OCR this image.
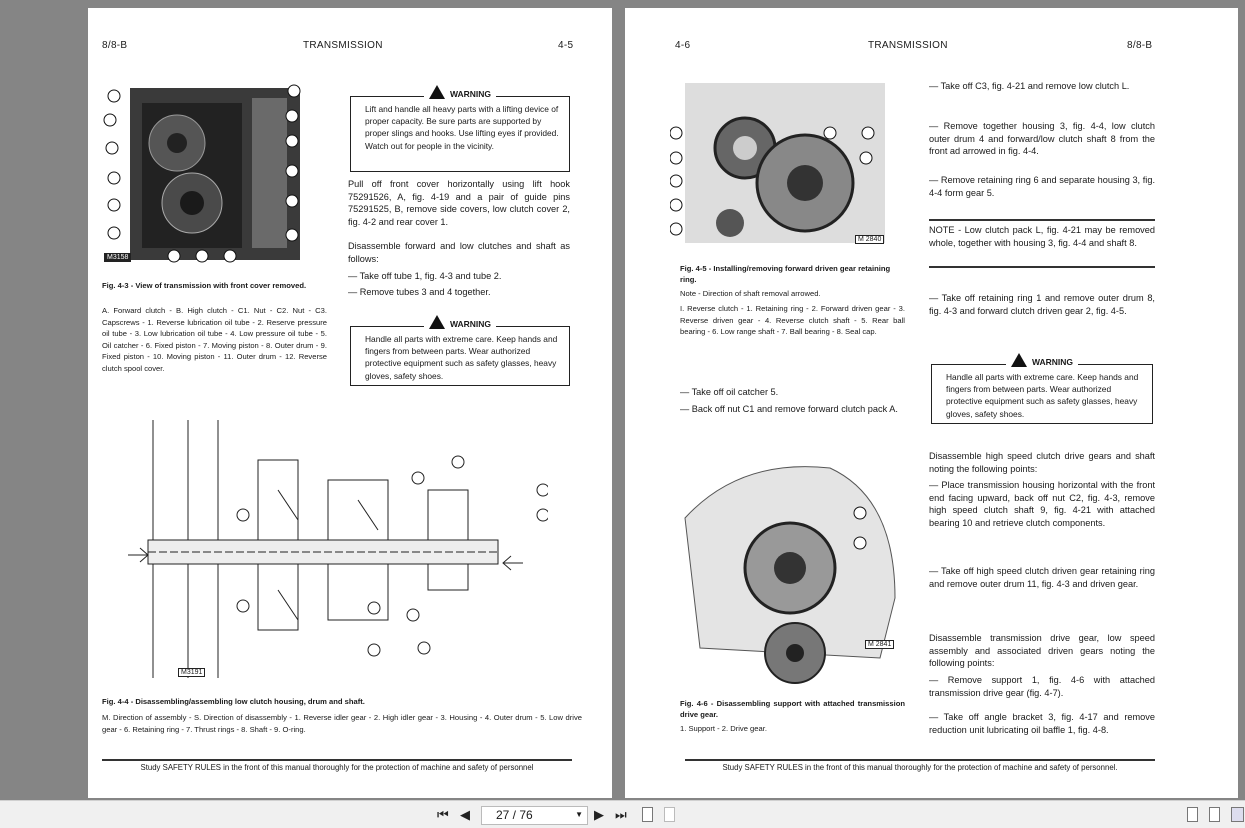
8/8-B	TRANSMISSION	4-5
M3158
Fig. 4-3 - View of transmission with front cover removed.
A. Forward clutch - B. High clutch - C1. Nut - C2. Nut - C3. Capscrews - 1. Reverse lubrication oil tube - 2. Reserve pressure oil tube - 3. Low lubrication oil tube - 4. Low pressure oil tube - 5. Oil catcher - 6. Fixed piston - 7. Moving piston - 8. Outer drum - 9. Fixed piston - 10. Moving piston - 11. Outer drum - 12. Reverse clutch spool cover.
WARNING
Lift and handle all heavy parts with a lifting device of proper capacity. Be sure parts are supported by proper slings and hooks. Use lifting eyes if provided. Watch out for people in the vicinity.
Pull off front cover horizontally using lift hook 75291526, A, fig. 4-19 and a pair of guide pins 75291525, B, remove side covers, low clutch cover 2, fig. 4-2 and rear cover 1.
Disassemble forward and low clutches and shaft as follows:
— Take off tube 1, fig. 4-3 and tube 2.
— Remove tubes 3 and 4 together.
WARNING
Handle all parts with extreme care. Keep hands and fingers from between parts. Wear authorized protective equipment such as safety glasses, heavy gloves, safety shoes.
M3191
Fig. 4-4 - Disassembling/assembling low clutch housing, drum and shaft.
M. Direction of assembly - S. Direction of disassembly - 1. Reverse idler gear - 2. High idler gear - 3. Housing - 4. Outer drum - 5. Low drive gear - 6. Retaining ring - 7. Thrust rings - 8. Shaft - 9. O-ring.
Study SAFETY RULES in the front of this manual thoroughly for the protection of machine and safety of personnel
4-6	TRANSMISSION	8/8-B
M 2840
Fig. 4-5 - Installing/removing forward driven gear retaining ring.
Note - Direction of shaft removal arrowed.
I. Reverse clutch - 1. Retaining ring - 2. Forward driven gear - 3. Reverse driven gear - 4. Reverse clutch shaft - 5. Rear ball bearing - 6. Low range shaft - 7. Ball bearing - 8. Seal cap.
— Take off oil catcher 5.
— Back off nut C1 and remove forward clutch pack A.
M 2841
Fig. 4-6 - Disassembling support with attached transmission drive gear.
1. Support - 2. Drive gear.
— Take off C3, fig. 4-21 and remove low clutch L.
— Remove together housing 3, fig. 4-4, low clutch outer drum 4 and forward/low clutch shaft 8 from the front ad arrowed in fig. 4-4.
— Remove retaining ring 6 and separate housing 3, fig. 4-4 form gear 5.
NOTE - Low clutch pack L, fig. 4-21 may be removed whole, together with housing 3, fig. 4-4 and shaft 8.
— Take off retaining ring 1 and remove outer drum 8, fig. 4-3 and forward clutch driven gear 2, fig. 4-5.
WARNING
Handle all parts with extreme care. Keep hands and fingers from between parts. Wear authorized protective equipment such as safety glasses, heavy gloves, safety shoes.
Disassemble high speed clutch drive gears and shaft noting the following points:
— Place transmission housing horizontal with the front end facing upward, back off nut C2, fig. 4-3, remove high speed clutch shaft 9, fig. 4-21 with attached bearing 10 and retrieve clutch components.
— Take off high speed clutch driven gear retaining ring and remove outer drum 11, fig. 4-3 and driven gear.
Disassemble transmission drive gear, low speed assembly and associated driven gears noting the following points:
— Remove support 1, fig. 4-6 with attached transmission drive gear (fig. 4-7).
— Take off angle bracket 3, fig. 4-17 and remove reduction unit lubricating oil baffle 1, fig. 4-8.
Study SAFETY RULES in the front of this manual thoroughly for the protection of machine and safety of personnel.
⏮ ◀	27 / 76	▼ ▶ ⏭
